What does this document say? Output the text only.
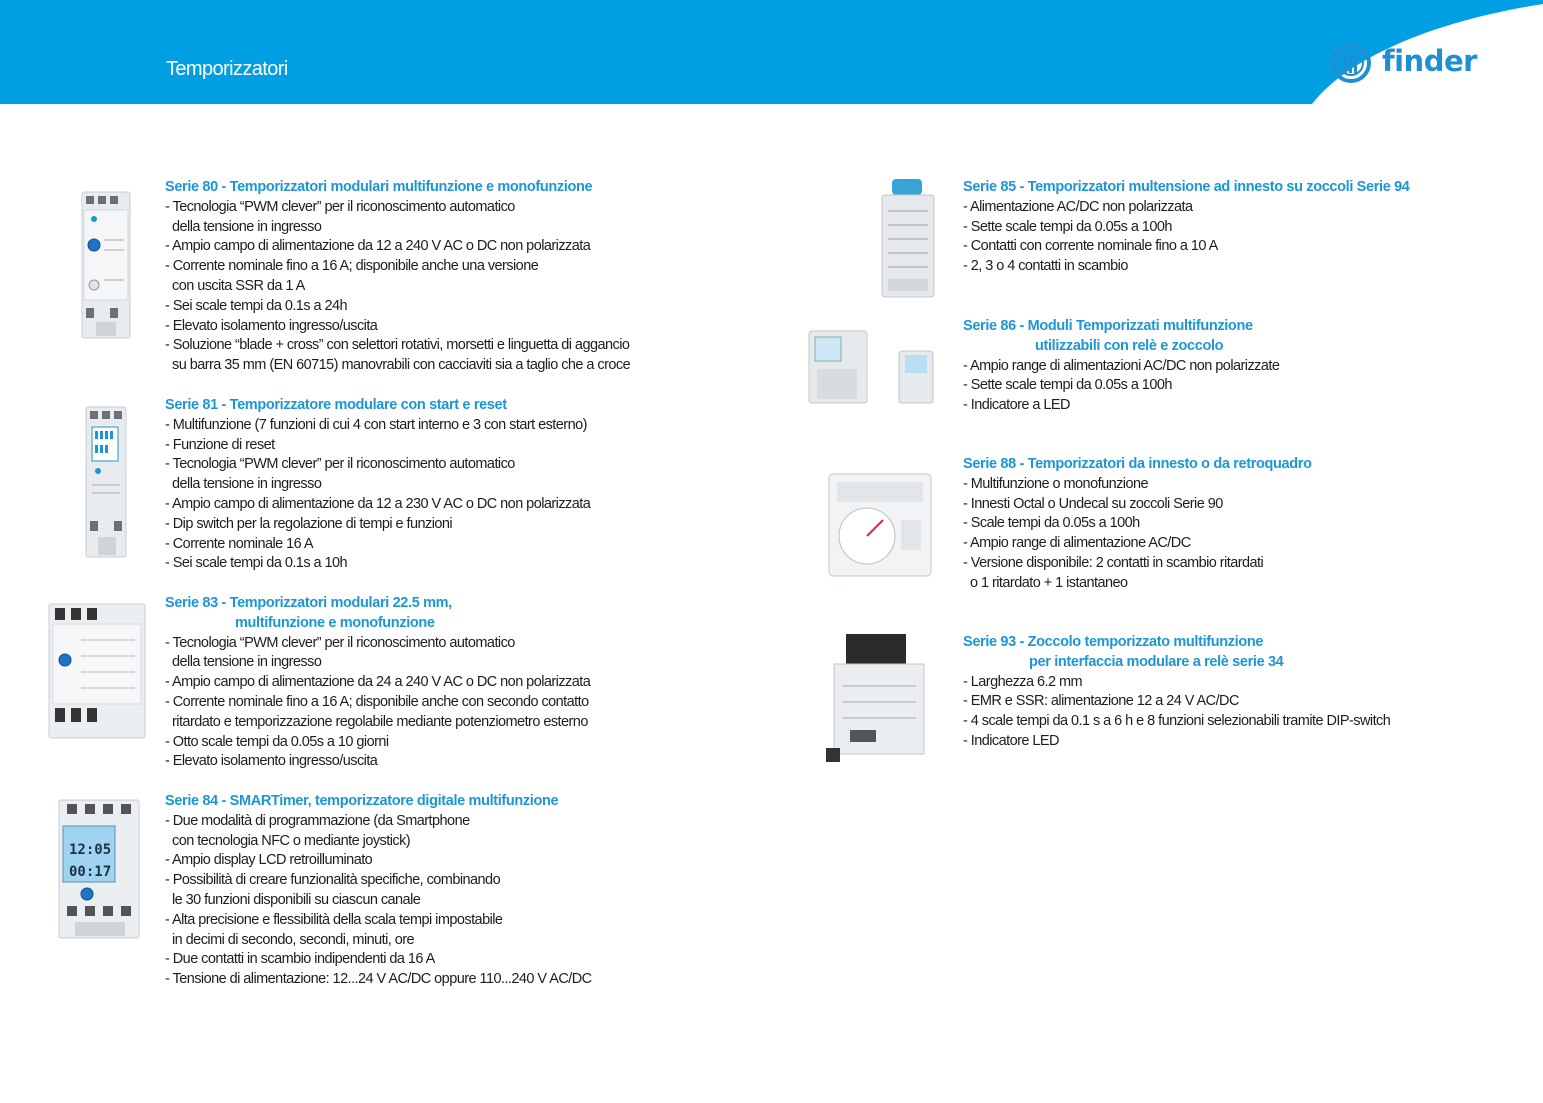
Temporizzatori	finder
12:05
00:17
Serie 80 - Temporizzatori modulari multifunzione e monofunzione
- Tecnologia “PWM clever” per il riconoscimento automatico
della tensione in ingresso
- Ampio campo di alimentazione da 12 a 240 V AC o DC non polarizzata
- Corrente nominale fino a 16 A; disponibile anche una versione
con uscita SSR da 1 A
- Sei scale tempi da 0.1s a 24h
- Elevato isolamento ingresso/uscita
- Soluzione “blade + cross” con selettori rotativi, morsetti e linguetta di aggancio
su barra 35 mm (EN 60715) manovrabili con cacciaviti sia a taglio che a croce
Serie 81 - Temporizzatore modulare con start e reset
- Multifunzione (7 funzioni di cui 4 con start interno e 3 con start esterno)
- Funzione di reset
- Tecnologia “PWM clever” per il riconoscimento automatico
della tensione in ingresso
- Ampio campo di alimentazione da 12 a 230 V AC o DC non polarizzata
- Dip switch per la regolazione di tempi e funzioni
- Corrente nominale 16 A
- Sei scale tempi da 0.1s a 10h
Serie 83 - Temporizzatori modulari 22.5 mm,
multifunzione e monofunzione
- Tecnologia “PWM clever” per il riconoscimento automatico
della tensione in ingresso
- Ampio campo di alimentazione da 24 a 240 V AC o DC non polarizzata
- Corrente nominale fino a 16 A; disponibile anche con secondo contatto
ritardato e temporizzazione regolabile mediante potenziometro esterno
- Otto scale tempi da 0.05s a 10 giorni
- Elevato isolamento ingresso/uscita
Serie 84 - SMARTimer, temporizzatore digitale multifunzione
- Due modalità di programmazione (da Smartphone
con tecnologia NFC o mediante joystick)
- Ampio display LCD retroilluminato
- Possibilità di creare funzionalità specifiche, combinando
le 30 funzioni disponibili su ciascun canale
- Alta precisione e flessibilità della scala tempi impostabile
in decimi di secondo, secondi, minuti, ore
- Due contatti in scambio indipendenti da 16 A
- Tensione di alimentazione: 12...24 V AC/DC oppure 110...240 V AC/DC
Serie 85 - Temporizzatori multensione ad innesto su zoccoli Serie 94
- Alimentazione AC/DC non polarizzata
- Sette scale tempi da 0.05s a 100h
- Contatti con corrente nominale fino a 10 A
- 2, 3 o 4 contatti in scambio
Serie 86 - Moduli Temporizzati multifunzione
utilizzabili con relè e zoccolo
- Ampio range di alimentazioni AC/DC non polarizzate
- Sette scale tempi da 0.05s a 100h
- Indicatore a LED
Serie 88 - Temporizzatori da innesto o da retroquadro
- Multifunzione o monofunzione
- Innesti Octal o Undecal su zoccoli Serie 90
- Scale tempi da 0.05s a 100h
- Ampio range di alimentazione AC/DC
- Versione disponibile: 2 contatti in scambio ritardati
o 1 ritardato + 1 istantaneo
Serie 93 - Zoccolo temporizzato multifunzione
per interfaccia modulare a relè serie 34
- Larghezza 6.2 mm
- EMR e SSR: alimentazione 12 a 24 V AC/DC
- 4 scale tempi da 0.1 s a 6 h e 8 funzioni selezionabili tramite DIP-switch
- Indicatore LED
